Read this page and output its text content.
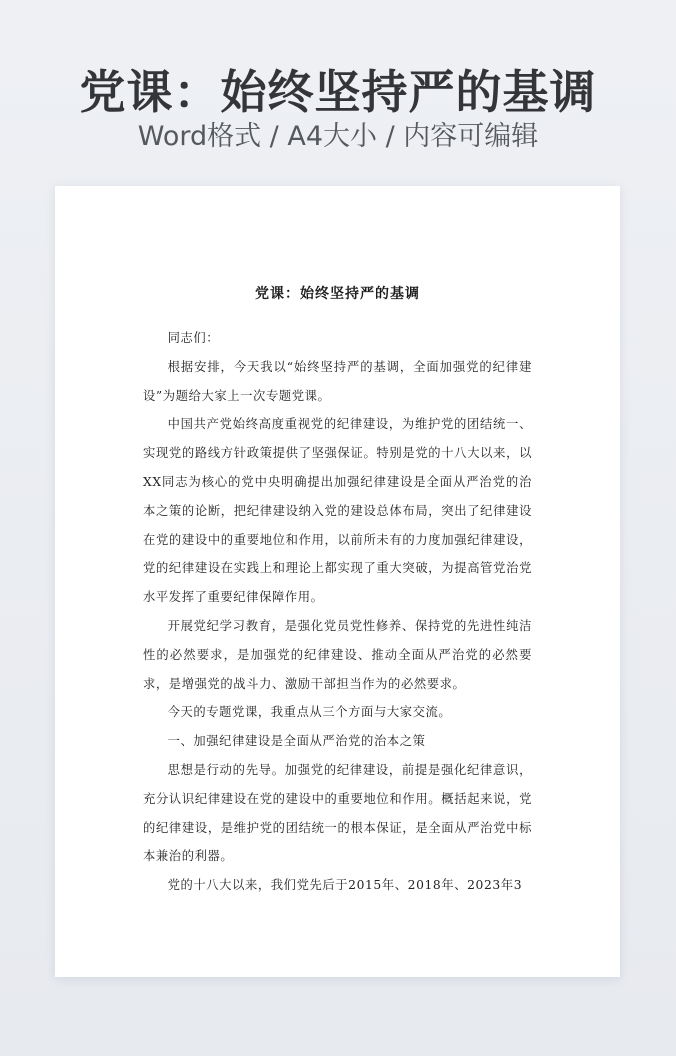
党课：始终坚持严的基调
Word格式 / A4大小 / 内容可编辑
党课：始终坚持严的基调

同志们：

根据安排，今天我以“始终坚持严的基调，全面加强党的纪律建设”为题给大家上一次专题党课。

中国共产党始终高度重视党的纪律建设，为维护党的团结统一、实现党的路线方针政策提供了坚强保证。特别是党的十八大以来，以XX同志为核心的党中央明确提出加强纪律建设是全面从严治党的治本之策的论断，把纪律建设纳入党的建设总体布局，突出了纪律建设在党的建设中的重要地位和作用，以前所未有的力度加强纪律建设，党的纪律建设在实践上和理论上都实现了重大突破，为提高管党治党水平发挥了重要纪律保障作用。

开展党纪学习教育，是强化党员党性修养、保持党的先进性纯洁性的必然要求，是加强党的纪律建设、推动全面从严治党的必然要求，是增强党的战斗力、激励干部担当作为的必然要求。

今天的专题党课，我重点从三个方面与大家交流。

一、加强纪律建设是全面从严治党的治本之策

思想是行动的先导。加强党的纪律建设，前提是强化纪律意识，充分认识纪律建设在党的建设中的重要地位和作用。概括起来说，党的纪律建设，是维护党的团结统一的根本保证，是全面从严治党中标本兼治的利器。

党的十八大以来，我们党先后于2015年、2018年、2023年3
